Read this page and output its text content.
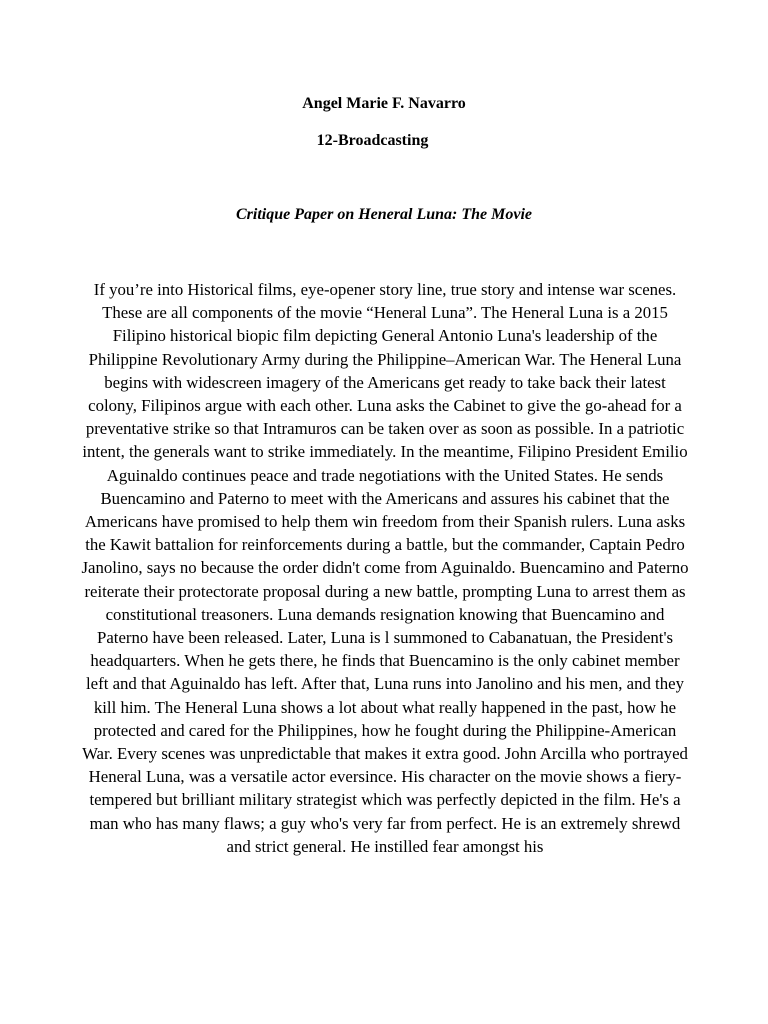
Angel Marie F. Navarro
12-Broadcasting
Critique Paper on Heneral Luna: The Movie

If you’re into Historical films, eye-opener story line, true story and intense war scenes. These are all components of the movie “Heneral Luna”. The Heneral Luna is a 2015 Filipino historical biopic film depicting General Antonio Luna's leadership of the Philippine Revolutionary Army during the Philippine–American War. The Heneral Luna begins with widescreen imagery of the Americans get ready to take back their latest colony, Filipinos argue with each other. Luna asks the Cabinet to give the go-ahead for a preventative strike so that Intramuros can be taken over as soon as possible. In a patriotic intent, the generals want to strike immediately. In the meantime, Filipino President Emilio Aguinaldo continues peace and trade negotiations with the United States. He sends Buencamino and Paterno to meet with the Americans and assures his cabinet that the Americans have promised to help them win freedom from their Spanish rulers. Luna asks the Kawit battalion for reinforcements during a battle, but the commander, Captain Pedro Janolino, says no because the order didn't come from Aguinaldo. Buencamino and Paterno reiterate their protectorate proposal during a new battle, prompting Luna to arrest them as constitutional treasoners. Luna demands resignation knowing that Buencamino and Paterno have been released. Later, Luna is l summoned to Cabanatuan, the President's headquarters. When he gets there, he finds that Buencamino is the only cabinet member left and that Aguinaldo has left. After that, Luna runs into Janolino and his men, and they kill him. The Heneral Luna shows a lot about what really happened in the past, how he protected and cared for the Philippines, how he fought during the Philippine-American War. Every scenes was unpredictable that makes it extra good. John Arcilla who portrayed Heneral Luna, was a versatile actor eversince. His character on the movie shows a fiery-tempered but brilliant military strategist which was perfectly depicted in the film. He's a man who has many flaws; a guy who's very far from perfect. He is an extremely shrewd and strict general. He instilled fear amongst his
